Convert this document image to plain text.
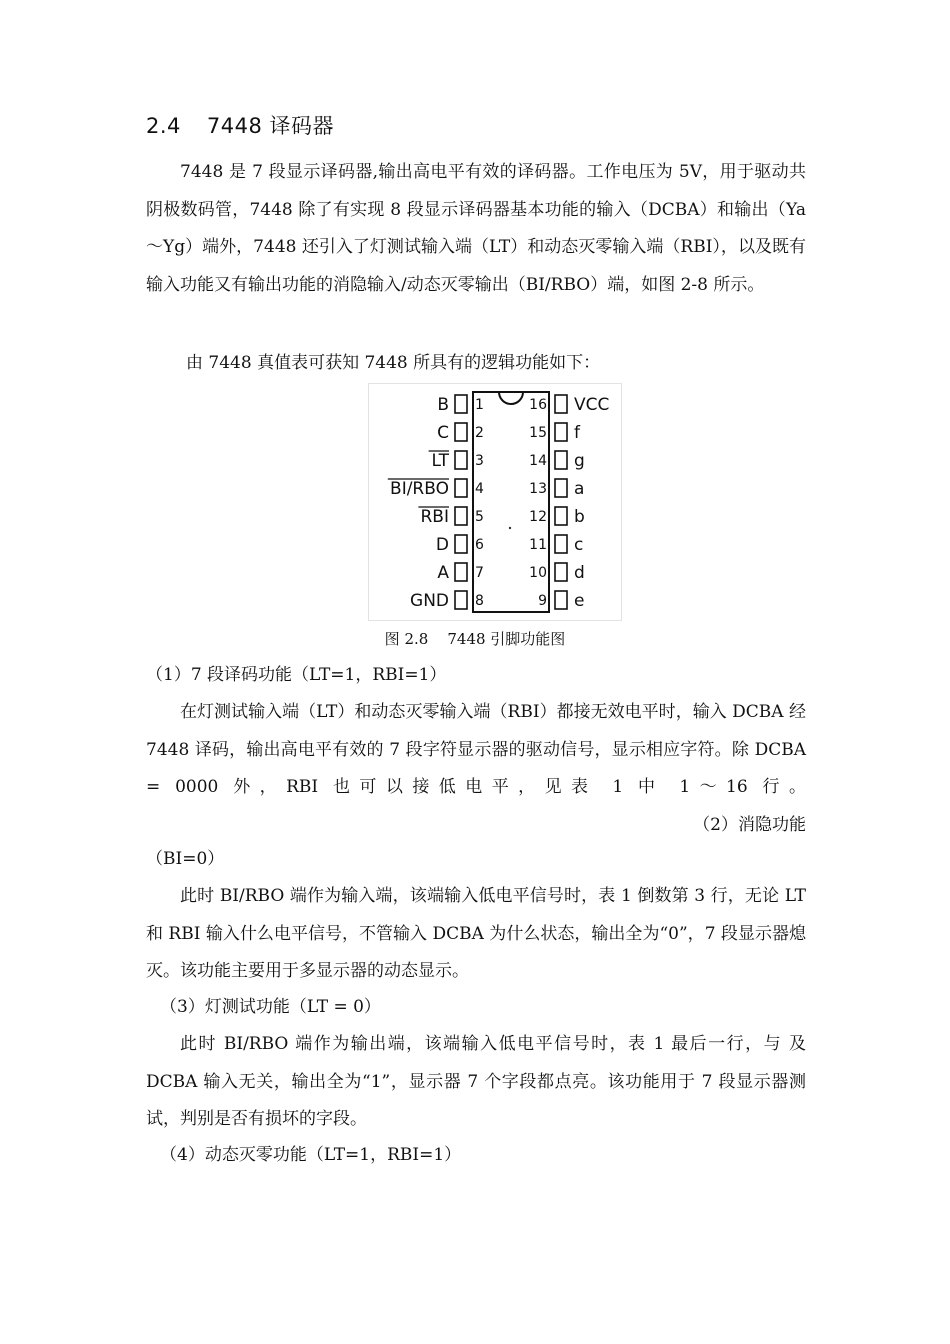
2.4 7448 译码器

7448 是 7 段显示译码器,输出高电平有效的译码器。工作电压为 5V，用于驱动共阴极数码管，7448 除了有实现 8 段显示译码器基本功能的输入（DCBA）和输出（Ya～Yg）端外，7448 还引入了灯测试输入端（LT）和动态灭零输入端（RBI），以及既有输入功能又有输出功能的消隐输入/动态灭零输出（BI/RBO）端，如图 2-8 所示。

由 7448 真值表可获知 7448 所具有的逻辑功能如下：

B 1
C 2
LT 3
BI/RBO 4
RBI 5
D 6
A 7
GND 8
16 VCC
15 f
14 g
13 a
12 b
11 c
10 d
9 e
图 2.8    7448 引脚功能图

（1）7 段译码功能（LT=1，RBI=1）

在灯测试输入端（LT）和动态灭零输入端（RBI）都接无效电平时，输入 DCBA 经 7448 译码，输出高电平有效的 7 段字符显示器的驱动信号，显示相应字符。除 DCBA = 0000 外，RBI 也可以接低电平，见表 1 中 1～16 行。（2）消隐功能

（BI=0）

此时 BI/RBO 端作为输入端，该端输入低电平信号时，表 1 倒数第 3 行，无论 LT 和 RBI 输入什么电平信号，不管输入 DCBA 为什么状态，输出全为“0”，7 段显示器熄灭。该功能主要用于多显示器的动态显示。

（3）灯测试功能（LT = 0）

此时 BI/RBO 端作为输出端，该端输入低电平信号时，表 1 最后一行，与 及 DCBA 输入无关，输出全为“1”，显示器 7 个字段都点亮。该功能用于 7 段显示器测试，判别是否有损坏的字段。

（4）动态灭零功能（LT=1，RBI=1）
